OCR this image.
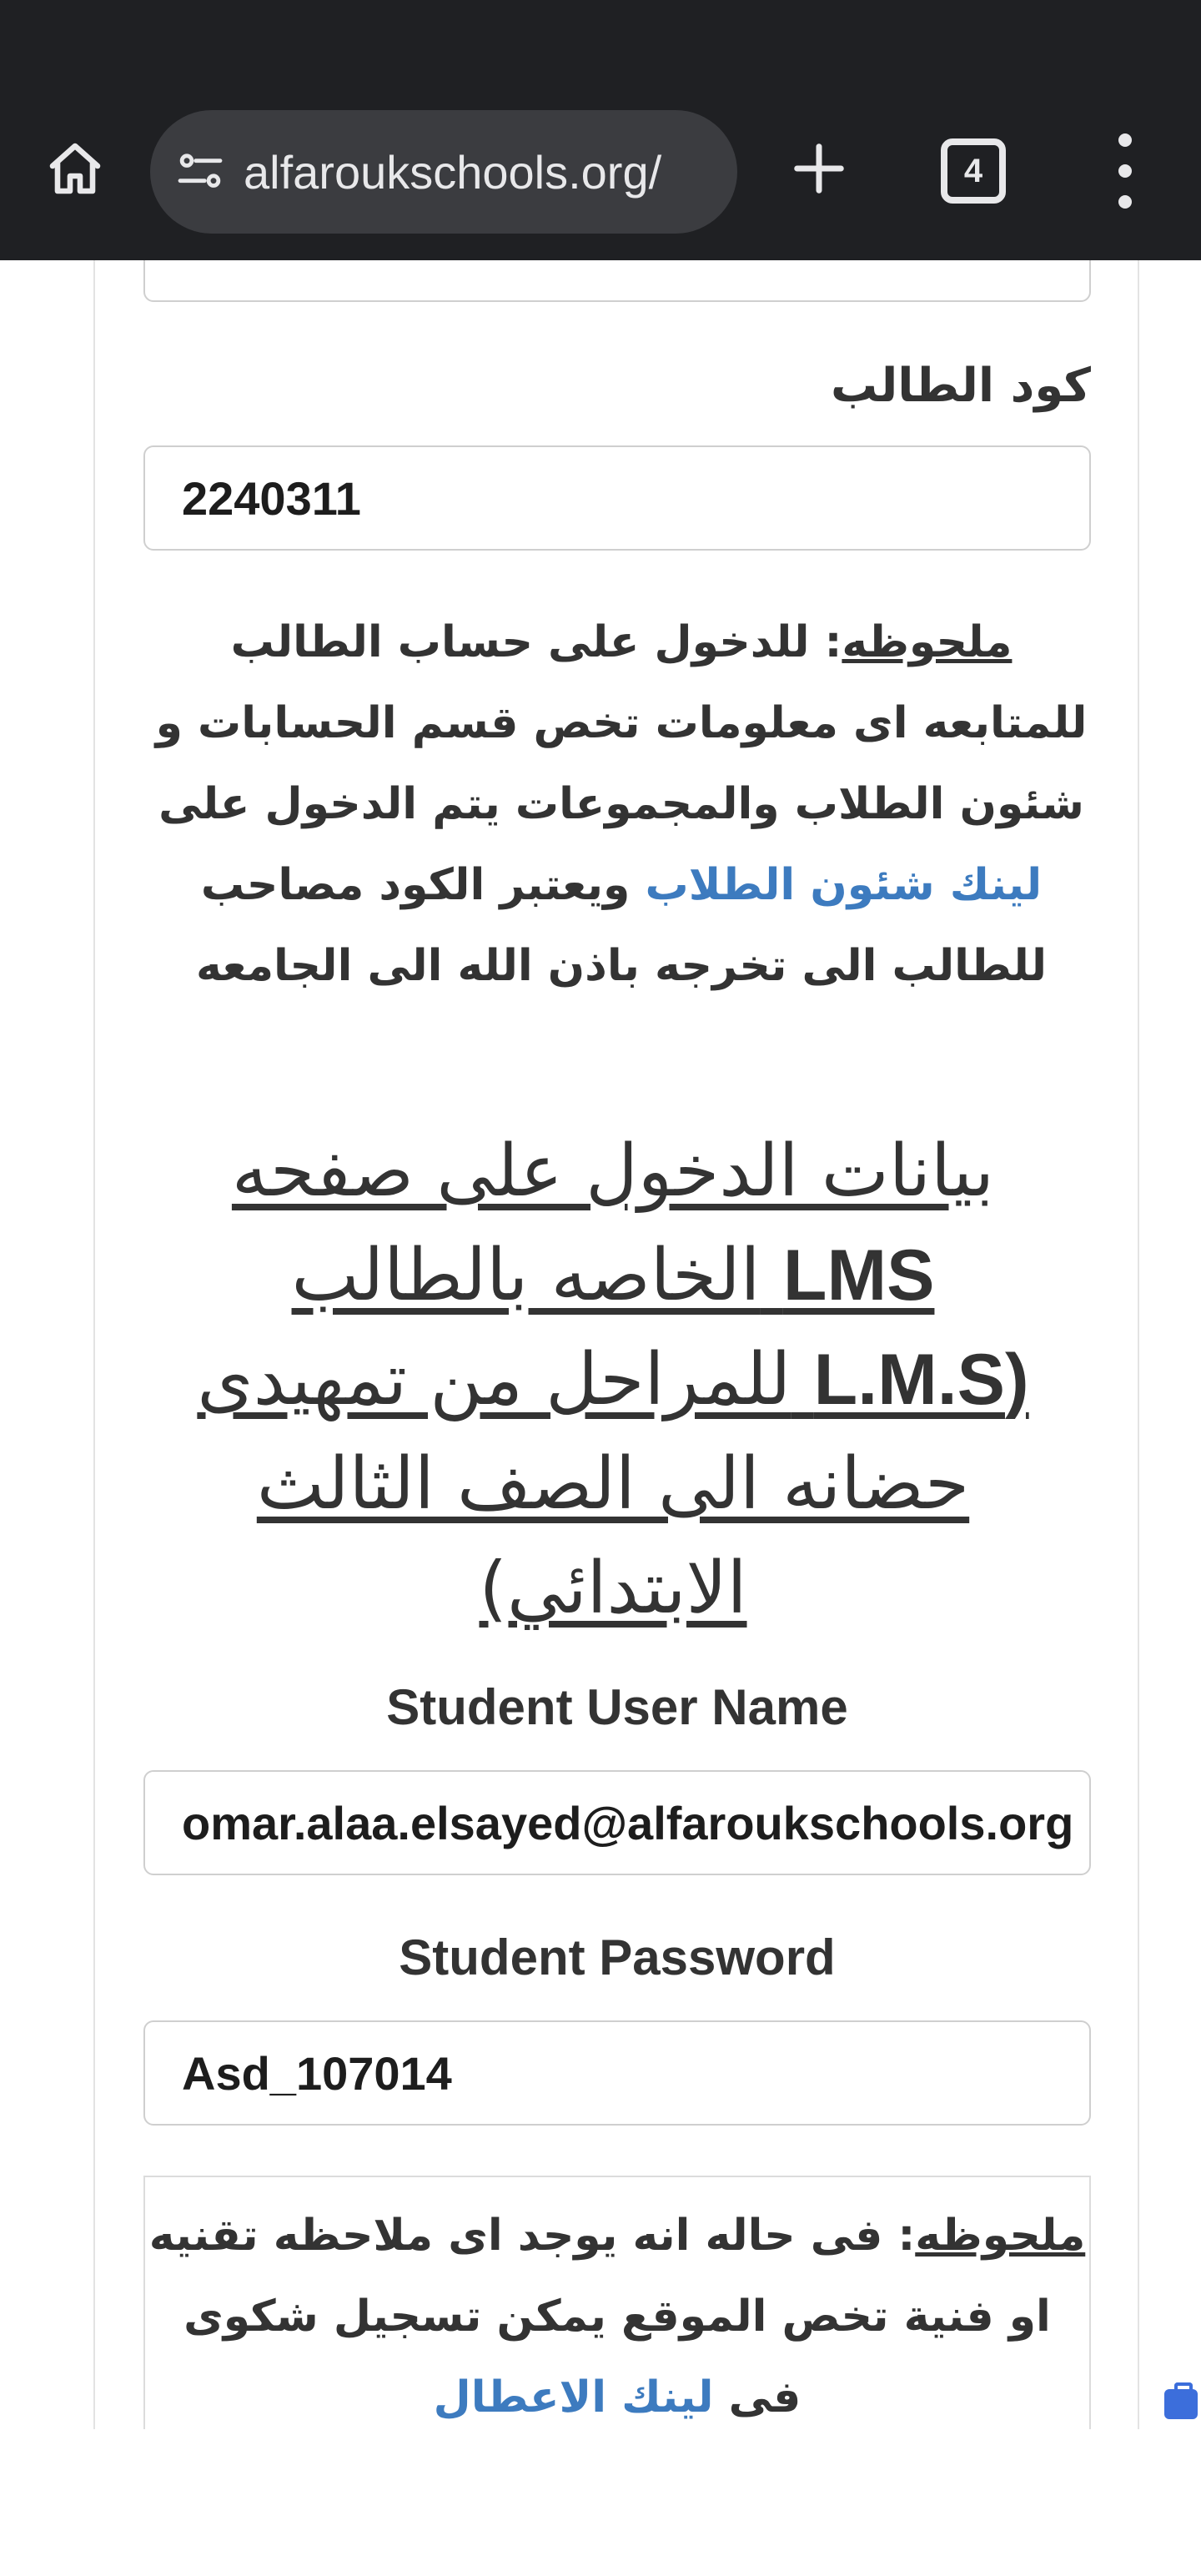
alfaroukschools.org/	4
كود الطالب
2240311
ملحوظه: للدخول على حساب الطالب للمتابعه اى معلومات تخص قسم الحسابات و شئون الطلاب والمجموعات يتم الدخول على لينك شئون الطلاب ويعتبر الكود مصاحب للطالب الى تخرجه باذن الله الى الجامعه
بيانات الدخول على صفحه
LMS الخاصه بالطالب
(L.M.S للمراحل من تمهيدى حضانه الى الصف الثالث الابتدائي)
Student User Name
omar.alaa.elsayed@alfaroukschools.org
Student Password
Asd_107014
ملحوظه: فى حاله انه يوجد اى ملاحظه تقنيه او فنية تخص الموقع يمكن تسجيل شكوى فى لينك الاعطال
